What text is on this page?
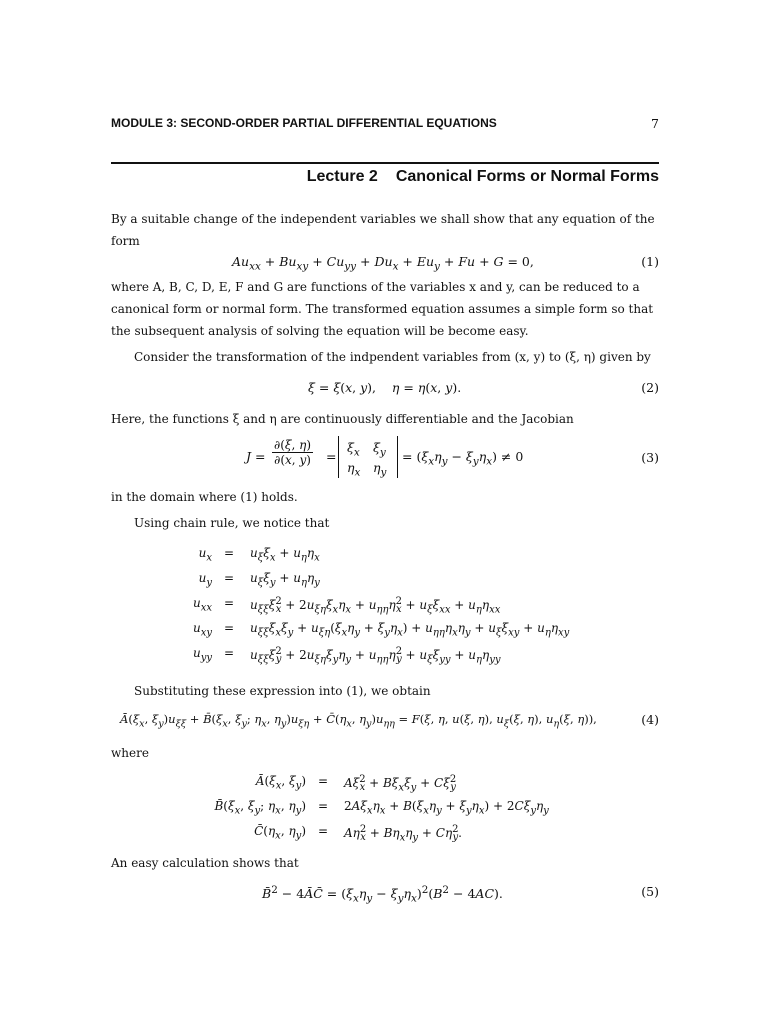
MODULE 3: SECOND-ORDER PARTIAL DIFFERENTIAL EQUATIONS	7
Lecture 2 Canonical Forms or Normal Forms
By a suitable change of the independent variables we shall show that any equation of the
form
$Au_{xx} + Bu_{xy} + Cu_{yy} + Du_x + Eu_y + Fu + G = 0$,	(1)
where A, B, C, D, E, F and G are functions of the variables x and y, can be reduced to a
canonical form or normal form. The transformed equation assumes a simple form so that
the subsequent analysis of solving the equation will be become easy.
Consider the transformation of the indpendent variables from (x, y) to (ξ, η) given by
ξ = ξ(x, y),    η = η(x, y).	(2)
Here, the functions ξ and η are continuously differentiable and the Jacobian
$J = \frac{\partial(\xi, \eta)}{\partial(x, y)}$ =
$\xi_x$ $\xi_y$
$\eta_x$ $\eta_y$
= $(\xi_x\eta_y - \xi_y\eta_x) \ne 0$	(3)
in the domain where (1) holds.
Using chain rule, we notice that
$u_x = u_\xi\xi_x + u_\eta\eta_x$
$u_y = u_\xi\xi_y + u_\eta\eta_y$
$u_{xx} = u_{\xi\xi}\xi^2_x + 2u_{\xi\eta}\xi_x\eta_x + u_{\eta\eta}\eta^2_x + u_\xi\xi_{xx} + u_\eta\eta_{xx}$
$u_{xy} = u_{\xi\xi}\xi_x\xi_y + u_{\xi\eta}(\xi_x\eta_y + \xi_y\eta_x) + u_{\eta\eta}\eta_x\eta_y + u_\xi\xi_{xy} + u_\eta\eta_{xy}$
$u_{yy} = u_{\xi\xi}\xi^2_y + 2u_{\xi\eta}\xi_y\eta_y + u_{\eta\eta}\eta^2_y + u_\xi\xi_{yy} + u_\eta\eta_{yy}$
Substituting these expression into (1), we obtain
$Ā(\xi_x$, $\xi_y)u_{\xi\xi}$ + $B̄(\xi_x$, $\xi_y$; $\eta_x$, $\eta_y)u_{\xi\eta}$ + $C̄(\eta_x$, $\eta_y)u_{\eta\eta} = F(\xi$, η, u(ξ, η), $u_\xi(\xi$, η), $u_\eta(\xi$, η)),	(4)
where
$Ā(\xi_x$, $\xi_y) = A\xi^2_x + B\xi_x\xi_y + C\xi^2_y$
$B̄(\xi_x$, $\xi_y$; $\eta_x$, $\eta_y) = 2A\xi_x\eta_x + B(\xi_x\eta_y + \xi_y\eta_x) + 2C\xi_y\eta_y$
$C̄(\eta_x$, $\eta_y) = A\eta^2_x + B\eta_x\eta_y + C\eta^2_y$.
An easy calculation shows that
B̄$^2$ − 4ĀC̄ = $(\xi_x\eta_y - \xi_y\eta_x)^2(B^2 - 4AC)$.	(5)
